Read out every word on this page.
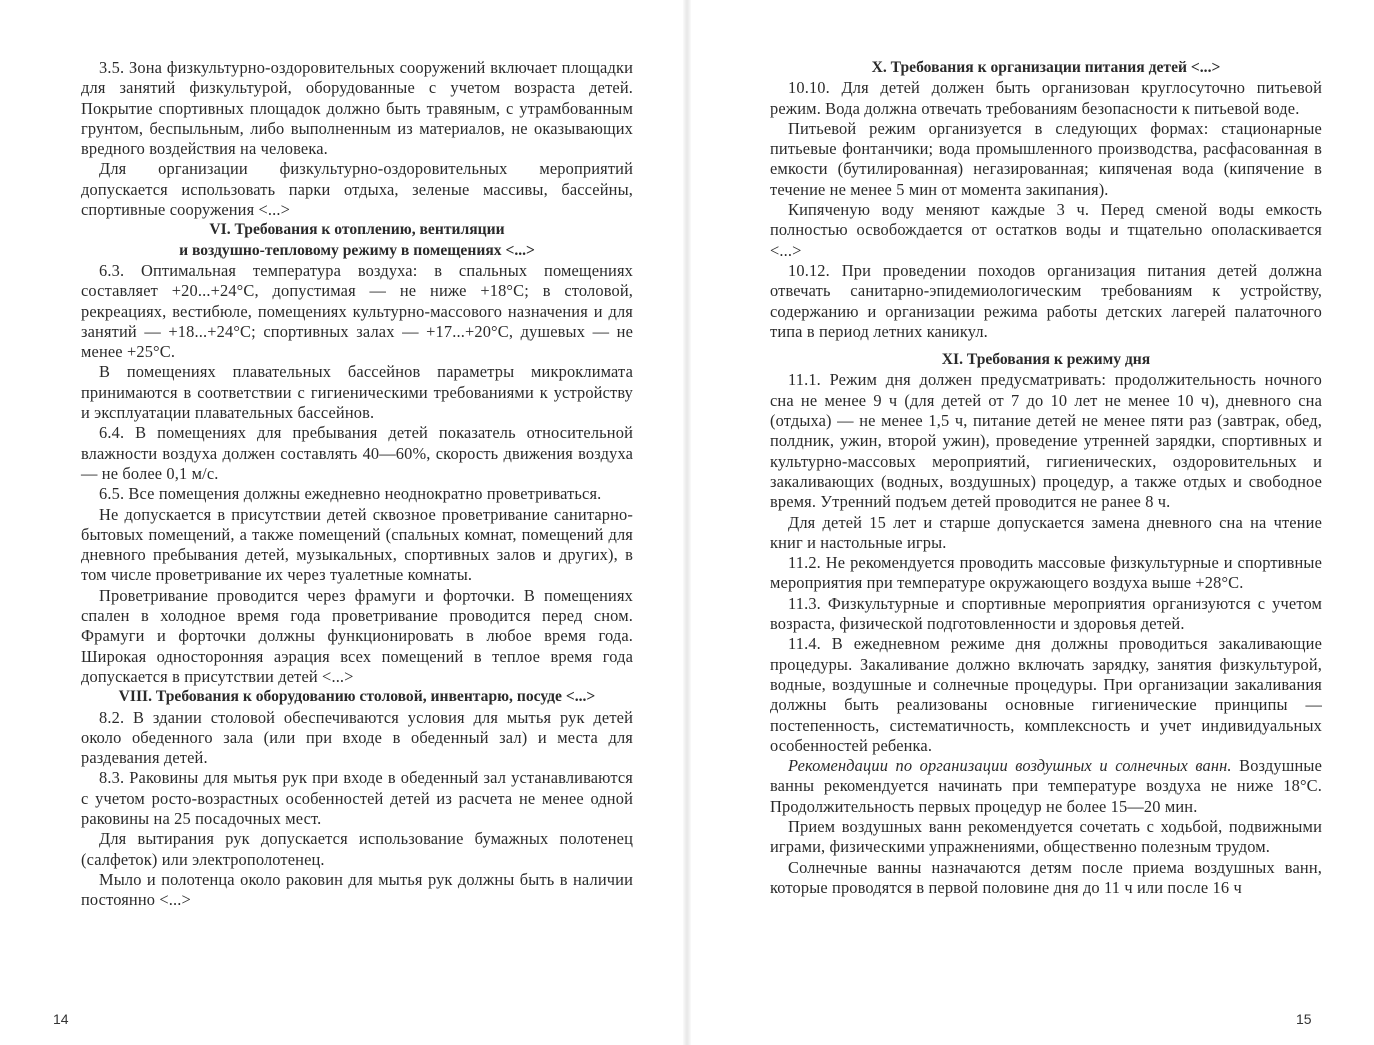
3.5. Зона физкультурно-оздоровительных сооружений включает площадки для занятий физкультурой, оборудованные с учетом возраста детей. Покрытие спортивных площадок должно быть травяным, с утрамбованным грунтом, беспыльным, либо выполненным из материалов, не оказывающих вредного воздействия на человека.

Для организации физкультурно-оздоровительных мероприятий допускается использовать парки отдыха, зеленые массивы, бассейны, спортивные сооружения <...>

VI. Требования к отоплению, вентиляции
и воздушно-тепловому режиму в помещениях <...>

6.3. Оптимальная температура воздуха: в спальных помещениях составляет +20...+24°С, допустимая — не ниже +18°С; в столовой, рекреациях, вестибюле, помещениях культурно-массового назначения и для занятий — +18...+24°С; спортивных залах — +17...+20°С, душевых — не менее +25°С.

В помещениях плавательных бассейнов параметры микроклимата принимаются в соответствии с гигиеническими требованиями к устройству и эксплуатации плавательных бассейнов.

6.4. В помещениях для пребывания детей показатель относительной влажности воздуха должен составлять 40—60%, скорость движения воздуха — не более 0,1 м/с.

6.5. Все помещения должны ежедневно неоднократно проветриваться.

Не допускается в присутствии детей сквозное проветривание санитарно-бытовых помещений, а также помещений (спальных комнат, помещений для дневного пребывания детей, музыкальных, спортивных залов и других), в том числе проветривание их через туалетные комнаты.

Проветривание проводится через фрамуги и форточки. В помещениях спален в холодное время года проветривание проводится перед сном. Фрамуги и форточки должны функционировать в любое время года. Широкая односторонняя аэрация всех помещений в теплое время года допускается в присутствии детей <...>

VIII. Требования к оборудованию столовой, инвентарю, посуде <...>

8.2. В здании столовой обеспечиваются условия для мытья рук детей около обеденного зала (или при входе в обеденный зал) и места для раздевания детей.

8.3. Раковины для мытья рук при входе в обеденный зал устанавливаются с учетом росто-возрастных особенностей детей из расчета не менее одной раковины на 25 посадочных мест.

Для вытирания рук допускается использование бумажных полотенец (салфеток) или электрополотенец.

Мыло и полотенца около раковин для мытья рук должны быть в наличии постоянно <...>

14
X. Требования к организации питания детей <...>

10.10. Для детей должен быть организован круглосуточно питьевой режим. Вода должна отвечать требованиям безопасности к питьевой воде.

Питьевой режим организуется в следующих формах: стационарные питьевые фонтанчики; вода промышленного производства, расфасованная в емкости (бутилированная) негазированная; кипяченая вода (кипячение в течение не менее 5 мин от момента закипания).

Кипяченую воду меняют каждые 3 ч. Перед сменой воды емкость полностью освобождается от остатков воды и тщательно ополаскивается <...>

10.12. При проведении походов организация питания детей должна отвечать санитарно-эпидемиологическим требованиям к устройству, содержанию и организации режима работы детских лагерей палаточного типа в период летних каникул.

XI. Требования к режиму дня

11.1. Режим дня должен предусматривать: продолжительность ночного сна не менее 9 ч (для детей от 7 до 10 лет не менее 10 ч), дневного сна (отдыха) — не менее 1,5 ч, питание детей не менее пяти раз (завтрак, обед, полдник, ужин, второй ужин), проведение утренней зарядки, спортивных и культурно-массовых мероприятий, гигиенических, оздоровительных и закаливающих (водных, воздушных) процедур, а также отдых и свободное время. Утренний подъем детей проводится не ранее 8 ч.

Для детей 15 лет и старше допускается замена дневного сна на чтение книг и настольные игры.

11.2. Не рекомендуется проводить массовые физкультурные и спортивные мероприятия при температуре окружающего воздуха выше +28°С.

11.3. Физкультурные и спортивные мероприятия организуются с учетом возраста, физической подготовленности и здоровья детей.

11.4. В ежедневном режиме дня должны проводиться закаливающие процедуры. Закаливание должно включать зарядку, занятия физкультурой, водные, воздушные и солнечные процедуры. При организации закаливания должны быть реализованы основные гигиенические принципы — постепенность, систематичность, комплексность и учет индивидуальных особенностей ребенка.

Рекомендации по организации воздушных и солнечных ванн. Воздушные ванны рекомендуется начинать при температуре воздуха не ниже 18°С. Продолжительность первых процедур не более 15—20 мин.

Прием воздушных ванн рекомендуется сочетать с ходьбой, подвижными играми, физическими упражнениями, общественно полезным трудом.

Солнечные ванны назначаются детям после приема воздушных ванн, которые проводятся в первой половине дня до 11 ч или после 16 ч

15
